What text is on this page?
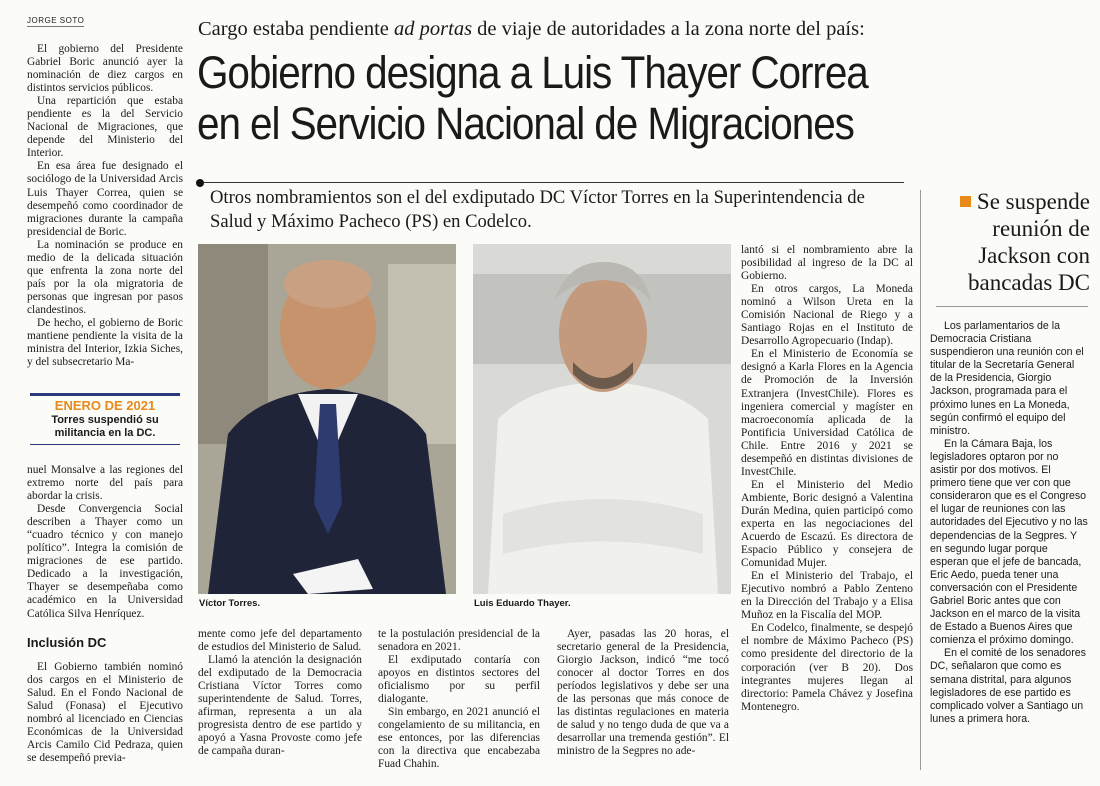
JORGE SOTO	Cargo estaba pendiente ad portas de viaje de autoridades a la zona norte del país:
Gobierno designa a Luis Thayer Correa
en el Servicio Nacional de Migraciones
Otros nombramientos son el del exdiputado DC Víctor Torres en la Superintendencia de Salud y Máximo Pacheco (PS) en Codelco.

El gobierno del Presidente Gabriel Boric anunció ayer la nominación de diez cargos en distintos servicios públicos.

Una repartición que estaba pendiente es la del Servicio Nacional de Migraciones, que depende del Ministerio del Interior.

En esa área fue designado el sociólogo de la Universidad Arcis Luis Thayer Correa, quien se desempeñó como coordinador de migraciones durante la campaña presidencial de Boric.

La nominación se produce en medio de la delicada situación que enfrenta la zona norte del país por la ola migratoria de personas que ingresan por pasos clandestinos.

De hecho, el gobierno de Boric mantiene pendiente la visita de la ministra del Interior, Izkia Siches, y del subsecretario Ma-

ENERO DE 2021
Torres suspendió su militancia en la DC.

nuel Monsalve a las regiones del extremo norte del país para abordar la crisis.

Desde Convergencia Social describen a Thayer como un “cuadro técnico y con manejo político”. Integra la comisión de migraciones de ese partido. Dedicado a la investigación, Thayer se desempeñaba como académico en la Universidad Católica Silva Henríquez.

Inclusión DC

El Gobierno también nominó dos cargos en el Ministerio de Salud. En el Fondo Nacional de Salud (Fonasa) el Ejecutivo nombró al licenciado en Ciencias Económicas de la Universidad Arcis Camilo Cid Pedraza, quien se desempeñó previa-

Víctor Torres.	Luis Eduardo Thayer.

mente como jefe del departamento de estudios del Ministerio de Salud.

Llamó la atención la designación del exdiputado de la Democracia Cristiana Víctor Torres como superintendente de Salud. Torres, afirman, representa a un ala progresista dentro de ese partido y apoyó a Yasna Provoste como jefe de campaña duran-

te la postulación presidencial de la senadora en 2021.

El exdiputado contaría con apoyos en distintos sectores del oficialismo por su perfil dialogante.

Sin embargo, en 2021 anunció el congelamiento de su militancia, en ese entonces, por las diferencias con la directiva que encabezaba Fuad Chahin.

Ayer, pasadas las 20 horas, el secretario general de la Presidencia, Giorgio Jackson, indicó “me tocó conocer al doctor Torres en dos períodos legislativos y debe ser una de las personas que más conoce de las distintas regulaciones en materia de salud y no tengo duda de que va a desarrollar una tremenda gestión”. El ministro de la Segpres no ade-

lantó si el nombramiento abre la posibilidad al ingreso de la DC al Gobierno.

En otros cargos, La Moneda nominó a Wilson Ureta en la Comisión Nacional de Riego y a Santiago Rojas en el Instituto de Desarrollo Agropecuario (Indap).

En el Ministerio de Economía se designó a Karla Flores en la Agencia de Promoción de la Inversión Extranjera (InvestChile). Flores es ingeniera comercial y magíster en macroeconomía aplicada de la Pontificia Universidad Católica de Chile. Entre 2016 y 2021 se desempeñó en distintas divisiones de InvestChile.

En el Ministerio del Medio Ambiente, Boric designó a Valentina Durán Medina, quien participó como experta en las negociaciones del Acuerdo de Escazú. Es directora de Espacio Público y consejera de Comunidad Mujer.

En el Ministerio del Trabajo, el Ejecutivo nombró a Pablo Zenteno en la Dirección del Trabajo y a Elisa Muñoz en la Fiscalía del MOP.

En Codelco, finalmente, se despejó el nombre de Máximo Pacheco (PS) como presidente del directorio de la corporación (ver B 20). Dos integrantes mujeres llegan al directorio: Pamela Chávez y Josefina Montenegro.

Se suspende reunión de Jackson con bancadas DC

Los parlamentarios de la Democracia Cristiana suspendieron una reunión con el titular de la Secretaría General de la Presidencia, Giorgio Jackson, programada para el próximo lunes en La Moneda, según confirmó el equipo del ministro.

En la Cámara Baja, los legisladores optaron por no asistir por dos motivos. El primero tiene que ver con que consideraron que es el Congreso el lugar de reuniones con las autoridades del Ejecutivo y no las dependencias de la Segpres. Y en segundo lugar porque esperan que el jefe de bancada, Eric Aedo, pueda tener una conversación con el Presidente Gabriel Boric antes que con Jackson en el marco de la visita de Estado a Buenos Aires que comienza el próximo domingo.

En el comité de los senadores DC, señalaron que como es semana distrital, para algunos legisladores de ese partido es complicado volver a Santiago un lunes a primera hora.
